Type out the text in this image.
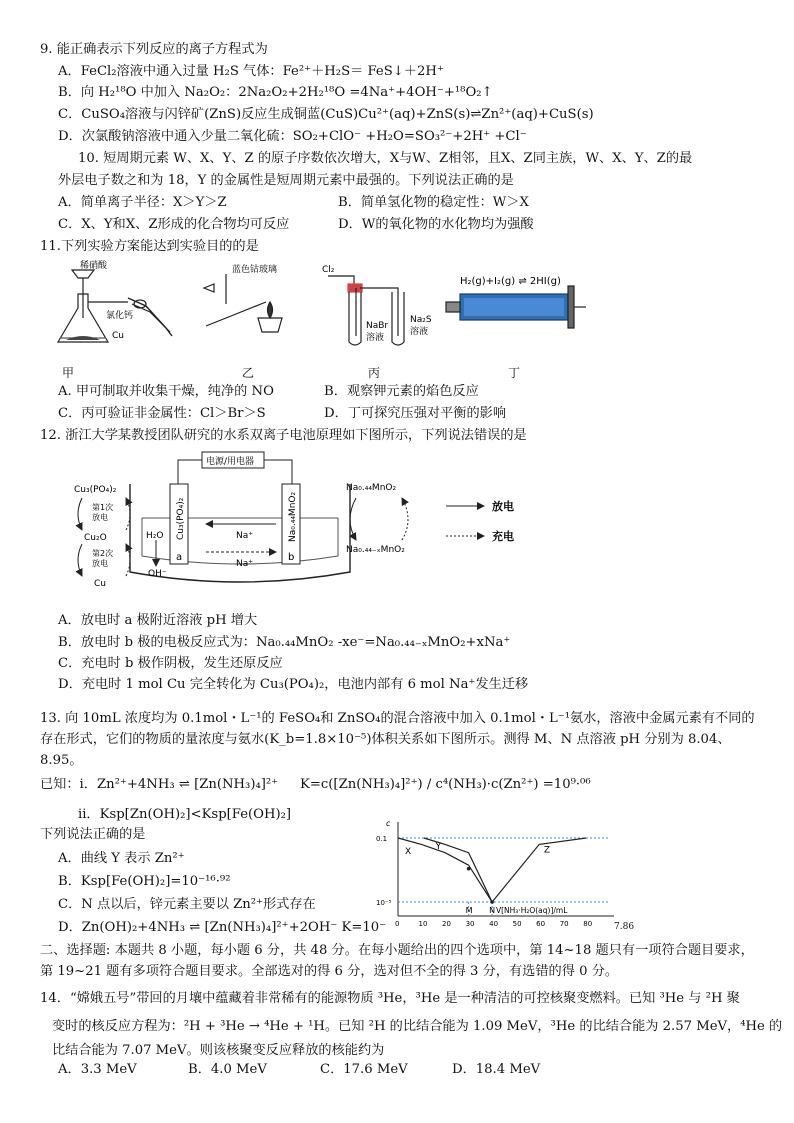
9. 能正确表示下列反应的离子方程式为
A．FeCl₂溶液中通入过量 H₂S 气体：Fe²⁺＋H₂S＝ FeS↓＋2H⁺
B．向 H₂¹⁸O 中加入 Na₂O₂：2Na₂O₂+2H₂¹⁸O =4Na⁺+4OH⁻+¹⁸O₂↑
C．CuSO₄溶液与闪锌矿(ZnS)反应生成铜蓝(CuS)Cu²⁺(aq)+ZnS(s)⇌Zn²⁺(aq)+CuS(s)
D．次氯酸钠溶液中通入少量二氧化硫：SO₂+ClO⁻ +H₂O=SO₃²⁻+2H⁺ +Cl⁻
10. 短周期元素 W、X、Y、Z 的原子序数依次增大，X与W、Z相邻，且X、Z同主族，W、X、Y、Z的最
外层电子数之和为 18，Y 的金属性是短周期元素中最强的。下列说法正确的是
A．简单离子半径：X＞Y＞Z	B．简单氢化物的稳定性：W＞X
C．X、Y和X、Z形成的化合物均可反应	D．W的氧化物的水化物均为强酸
11.下列实验方案能达到实验目的的是
稀硝酸
氯化钙
Cu
蓝色钴玻璃	Cl₂
NaBr
溶液
Na₂S
溶液
H₂(g)+I₂(g) ⇌ 2HI(g)
甲	乙	丙	丁
A. 甲可制取并收集干燥，纯净的 NO	B．观察钾元素的焰色反应
C．丙可验证非金属性：Cl＞Br＞S	D．丁可探究压强对平衡的影响
12. 浙江大学某教授团队研究的水系双离子电池原理如下图所示，下列说法错误的是
电源/用电器
Cu₃(PO₄)₂	Na₀.₄₄MnO₂
a	b
H₂O
OH⁻
Na⁺
Na⁺
Cu₃(PO₄)₂
第1次
放电
Cu₂O
第2次
放电
Cu
Na₀.₄₄MnO₂
Na₀.₄₄₋ₓMnO₂
放电
充电
A．放电时 a 极附近溶液 pH 增大
B．放电时 b 极的电极反应式为：Na₀.₄₄MnO₂ -xe⁻=Na₀.₄₄₋ₓMnO₂+xNa⁺
C．充电时 b 极作阴极，发生还原反应
D．充电时 1 mol Cu 完全转化为 Cu₃(PO₄)₂，电池内部有 6 mol Na⁺发生迁移
13. 向 10mL 浓度均为 0.1mol・L⁻¹的 FeSO₄和 ZnSO₄的混合溶液中加入 0.1mol・L⁻¹氨水，溶液中金属元素有不同的
存在形式，它们的物质的量浓度与氨水(K_b=1.8×10⁻⁵)体积关系如下图所示。测得 M、N 点溶液 pH 分别为 8.04、
8.95。
已知：i．Zn²⁺+4NH₃ ⇌ [Zn(NH₃)₄]²⁺ K=c([Zn(NH₃)₄]²⁺) / c⁴(NH₃)·c(Zn²⁺) =10⁹·⁰⁶
ii．Ksp[Zn(OH)₂]<Ksp[Fe(OH)₂]
下列说法正确的是
A．曲线 Y 表示 Zn²⁺
B．Ksp[Fe(OH)₂]=10⁻¹⁶·⁹²
C．N 点以后，锌元素主要以 Zn²⁺形式存在
D．Zn(OH)₂+4NH₃ ⇌ [Zn(NH₃)₄]²⁺+2OH⁻ K=10⁻
c
V[NH₃·H₂O(aq)]/mL
0	10 20 30 40 50 60 70 80
0.1
10⁻⁵
X	Y	Z
M N
7.86
二、选择题: 本题共 8 小题，每小题 6 分，共 48 分。在每小题给出的四个选项中，第 14~18 题只有一项符合题目要求，
第 19~21 题有多项符合题目要求。全部选对的得 6 分，选对但不全的得 3 分，有选错的得 0 分。
14．“嫦娥五号”带回的月壤中蕴藏着非常稀有的能源物质 ³He，³He 是一种清洁的可控核聚变燃料。已知 ³He 与 ²H 聚
变时的核反应方程为：²H + ³He → ⁴He + ¹H。已知 ²H 的比结合能为 1.09 MeV，³He 的比结合能为 2.57 MeV，⁴He 的
比结合能为 7.07 MeV。则该核聚变反应释放的核能约为
A．3.3 MeV	B．4.0 MeV	C．17.6 MeV	D．18.4 MeV
